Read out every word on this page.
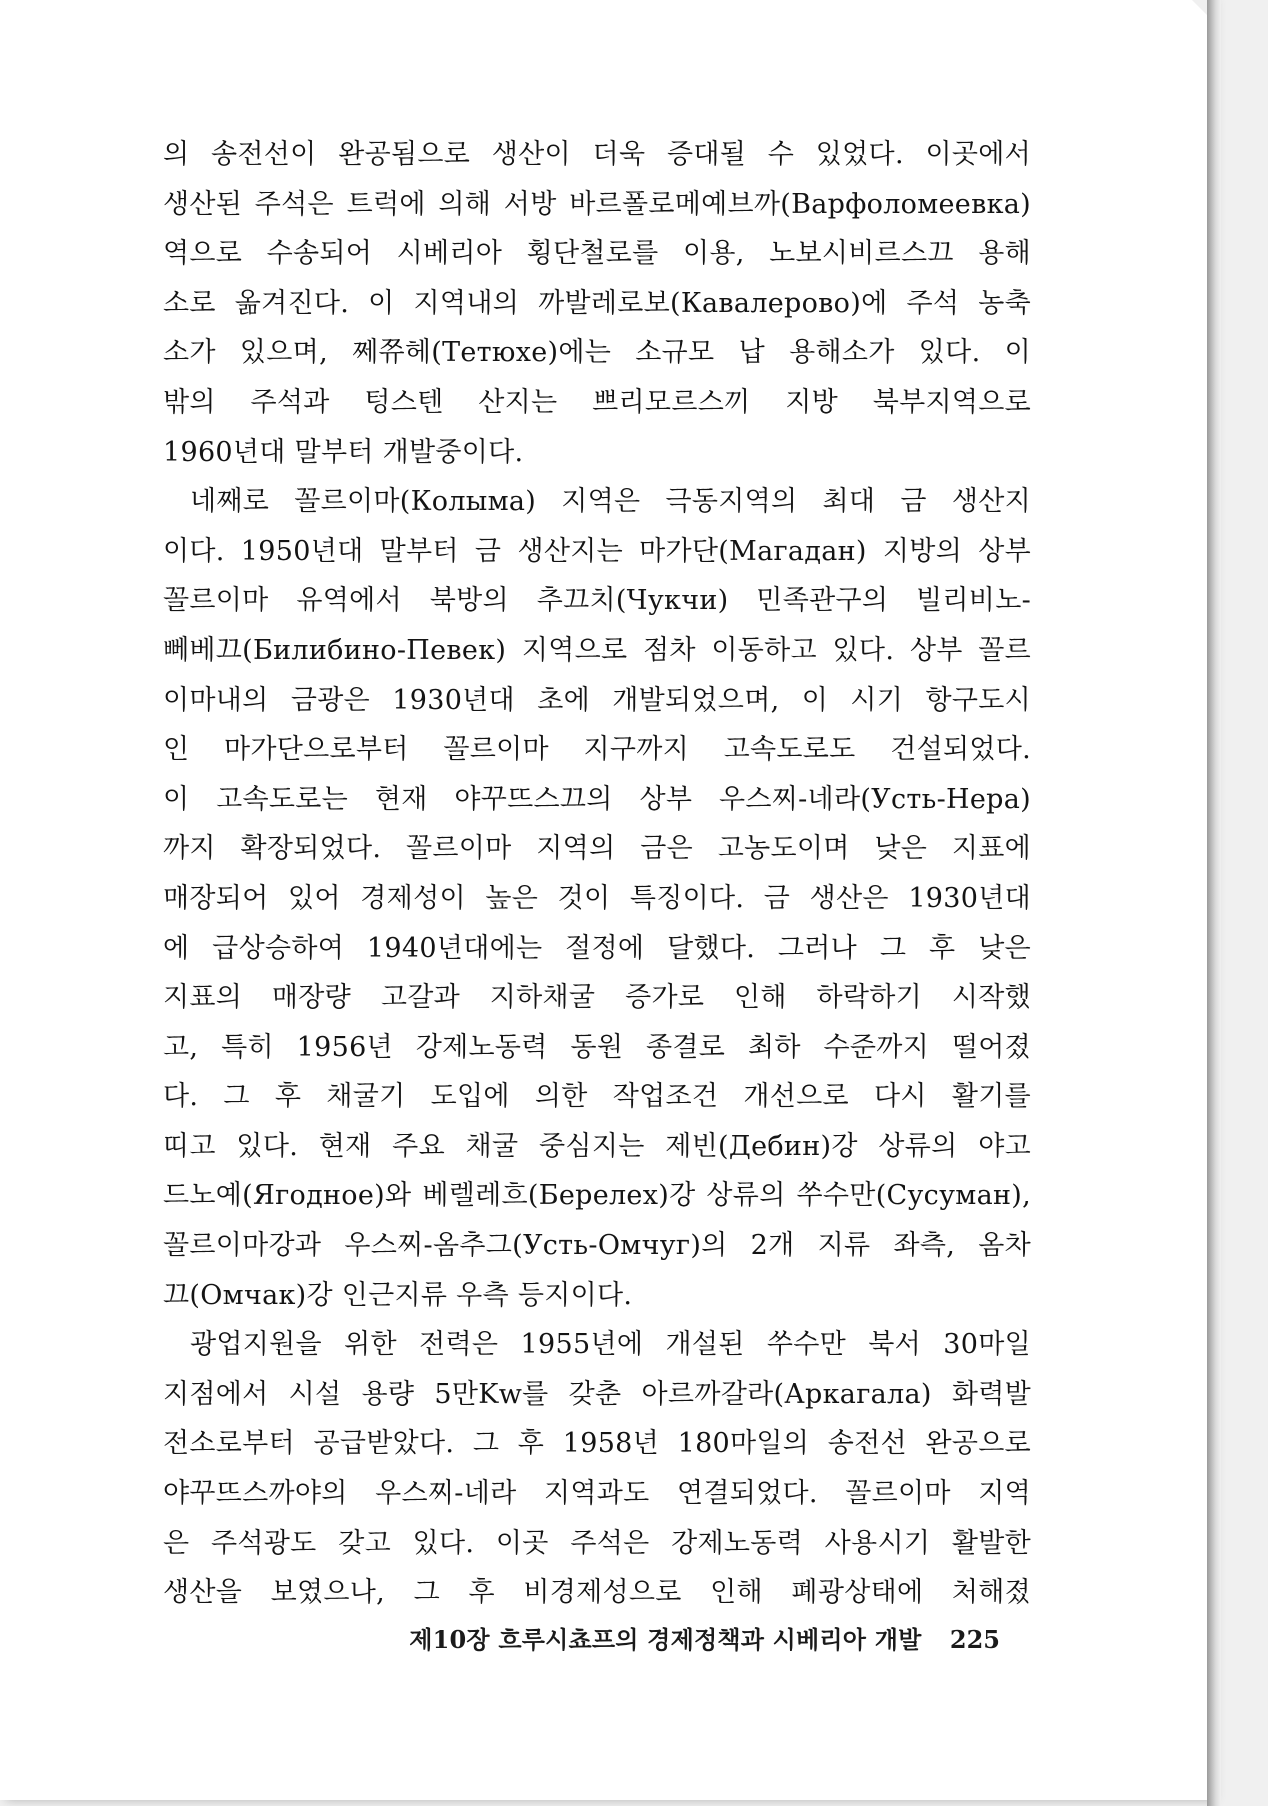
의 송전선이 완공됨으로 생산이 더욱 증대될 수 있었다. 이곳에서
생산된 주석은 트럭에 의해 서방 바르폴로메예브까(Варфоломеевка)
역으로 수송되어 시베리아 횡단철로를 이용, 노보시비르스끄 용해
소로 옮겨진다. 이 지역내의 까발레로보(Кавалерово)에 주석 농축
소가 있으며, 쩨쮸헤(Тетюхе)에는 소규모 납 용해소가 있다. 이
밖의 주석과 텅스텐 산지는 쁘리모르스끼 지방 북부지역으로
1960년대 말부터 개발중이다.
네째로 꼴르이마(Колыма) 지역은 극동지역의 최대 금 생산지
이다. 1950년대 말부터 금 생산지는 마가단(Магадан) 지방의 상부
꼴르이마 유역에서 북방의 추끄치(Чукчи) 민족관구의 빌리비노-
뻬베끄(Билибино-Певек) 지역으로 점차 이동하고 있다. 상부 꼴르
이마내의 금광은 1930년대 초에 개발되었으며, 이 시기 항구도시
인 마가단으로부터 꼴르이마 지구까지 고속도로도 건설되었다.
이 고속도로는 현재 야꾸뜨스끄의 상부 우스찌-네라(Усть-Нера)
까지 확장되었다. 꼴르이마 지역의 금은 고농도이며 낮은 지표에
매장되어 있어 경제성이 높은 것이 특징이다. 금 생산은 1930년대
에 급상승하여 1940년대에는 절정에 달했다. 그러나 그 후 낮은
지표의 매장량 고갈과 지하채굴 증가로 인해 하락하기 시작했
고, 특히 1956년 강제노동력 동원 종결로 최하 수준까지 떨어졌
다. 그 후 채굴기 도입에 의한 작업조건 개선으로 다시 활기를
띠고 있다. 현재 주요 채굴 중심지는 제빈(Дебин)강 상류의 야고
드노예(Ягодное)와 베렐레흐(Берелех)강 상류의 쑤수만(Сусуман),
꼴르이마강과 우스찌-옴추그(Усть-Омчуг)의 2개 지류 좌측, 옴차
끄(Омчак)강 인근지류 우측 등지이다.
광업지원을 위한 전력은 1955년에 개설된 쑤수만 북서 30마일
지점에서 시설 용량 5만Kw를 갖춘 아르까갈라(Аркагала) 화력발
전소로부터 공급받았다. 그 후 1958년 180마일의 송전선 완공으로
야꾸뜨스까야의 우스찌-네라 지역과도 연결되었다. 꼴르이마 지역
은 주석광도 갖고 있다. 이곳 주석은 강제노동력 사용시기 활발한
생산을 보였으나, 그 후 비경제성으로 인해 폐광상태에 처해졌
제10장 흐루시쵸프의 경제정책과 시베리아 개발 225
